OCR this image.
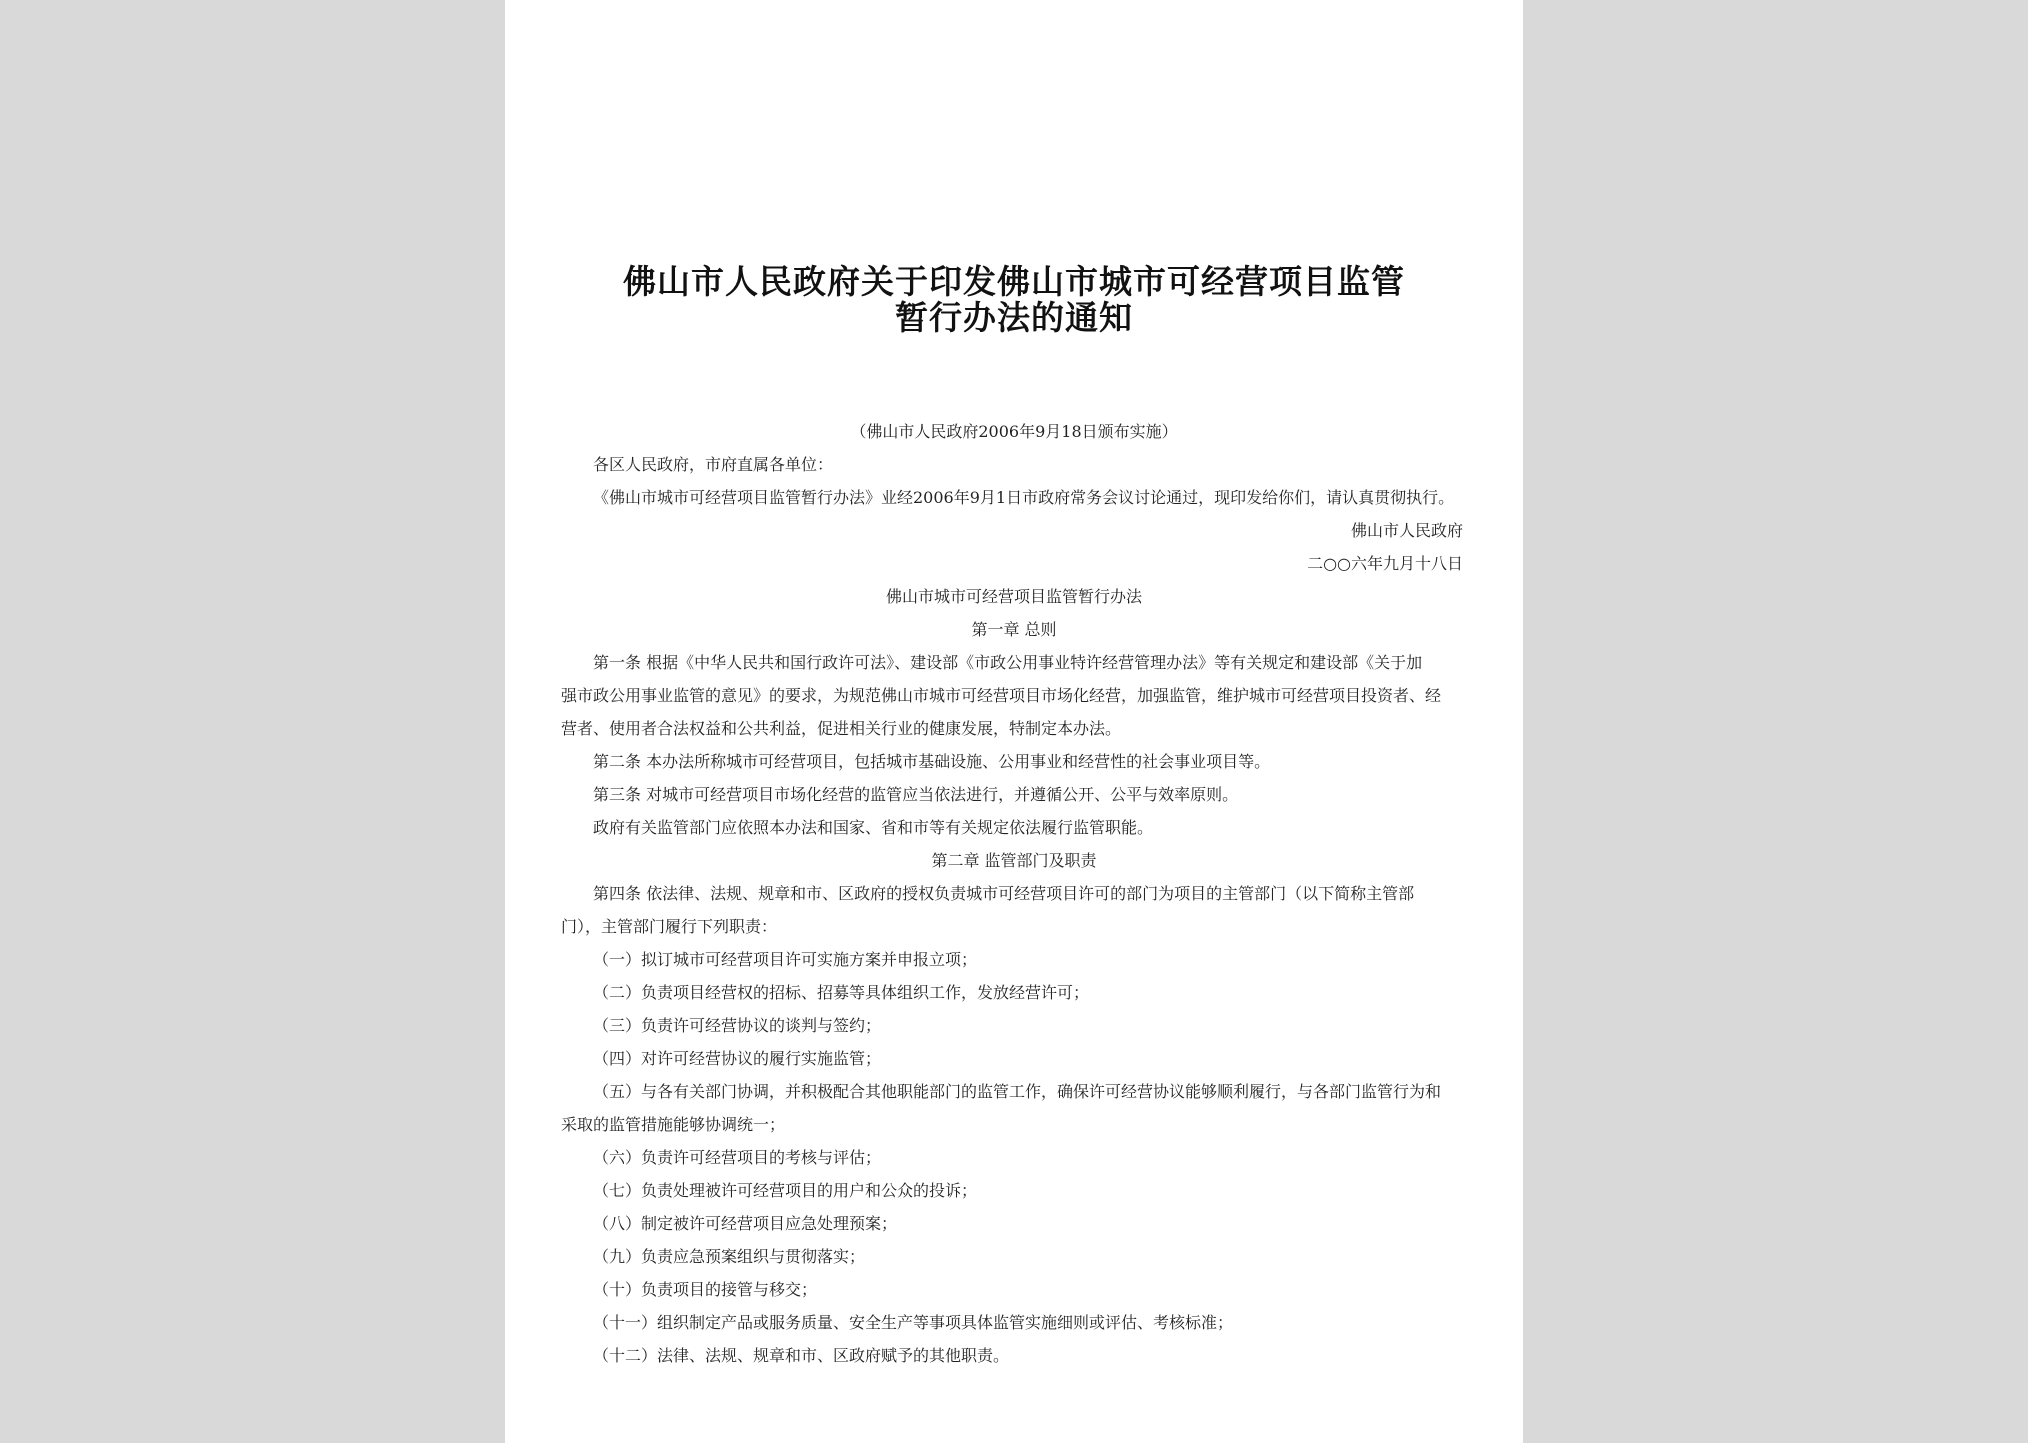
佛山市人民政府关于印发佛山市城市可经营项目监管
暂行办法的通知
（佛山市人民政府2006年9月18日颁布实施）
各区人民政府，市府直属各单位：
《佛山市城市可经营项目监管暂行办法》业经2006年9月1日市政府常务会议讨论通过，现印发给你们，请认真贯彻执行。
佛山市人民政府
二○○六年九月十八日
佛山市城市可经营项目监管暂行办法
第一章 总则
第一条 根据《中华人民共和国行政许可法》、建设部《市政公用事业特许经营管理办法》等有关规定和建设部《关于加
强市政公用事业监管的意见》的要求，为规范佛山市城市可经营项目市场化经营，加强监管，维护城市可经营项目投资者、经
营者、使用者合法权益和公共利益，促进相关行业的健康发展，特制定本办法。
第二条 本办法所称城市可经营项目，包括城市基础设施、公用事业和经营性的社会事业项目等。
第三条 对城市可经营项目市场化经营的监管应当依法进行，并遵循公开、公平与效率原则。
政府有关监管部门应依照本办法和国家、省和市等有关规定依法履行监管职能。
第二章 监管部门及职责
第四条 依法律、法规、规章和市、区政府的授权负责城市可经营项目许可的部门为项目的主管部门（以下简称主管部
门），主管部门履行下列职责：
（一）拟订城市可经营项目许可实施方案并申报立项；
（二）负责项目经营权的招标、招募等具体组织工作，发放经营许可；
（三）负责许可经营协议的谈判与签约；
（四）对许可经营协议的履行实施监管；
（五）与各有关部门协调，并积极配合其他职能部门的监管工作，确保许可经营协议能够顺利履行，与各部门监管行为和
采取的监管措施能够协调统一；
（六）负责许可经营项目的考核与评估；
（七）负责处理被许可经营项目的用户和公众的投诉；
（八）制定被许可经营项目应急处理预案；
（九）负责应急预案组织与贯彻落实；
（十）负责项目的接管与移交；
（十一）组织制定产品或服务质量、安全生产等事项具体监管实施细则或评估、考核标准；
（十二）法律、法规、规章和市、区政府赋予的其他职责。
